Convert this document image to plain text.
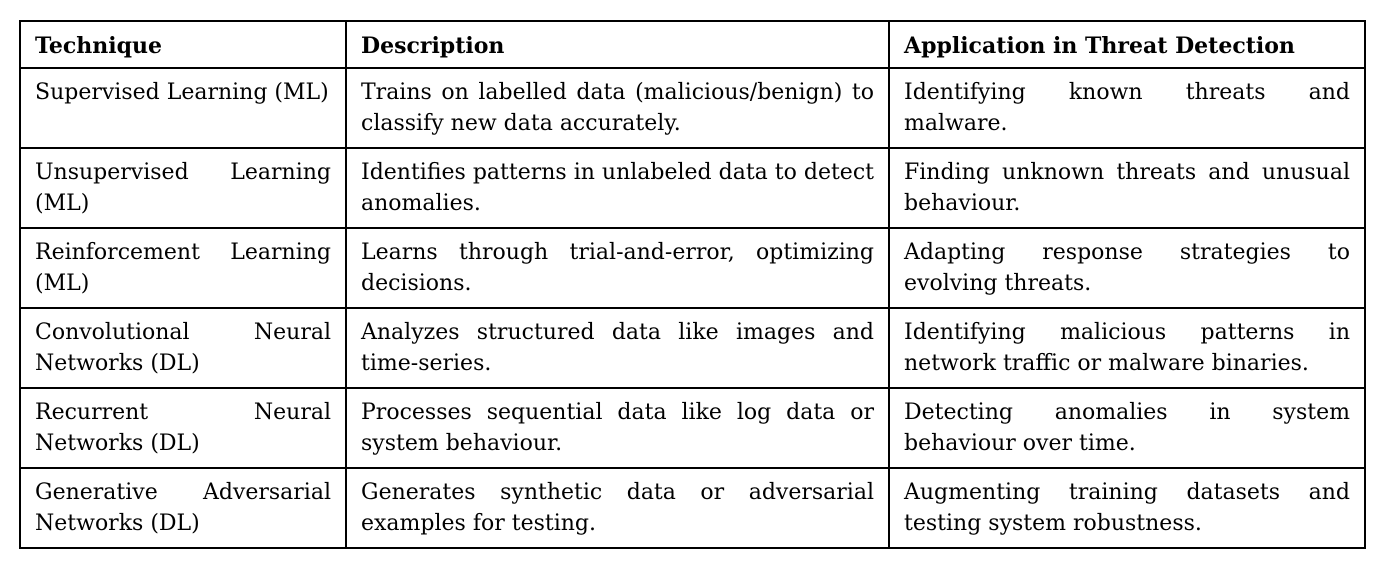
Technique	Description	Application in Threat Detection
Supervised Learning (ML)	Trains on labelled data (malicious/benign) to classify new data accurately.	Identifying known threats and malware.
Unsupervised Learning (ML)	Identifies patterns in unlabeled data to detect anomalies.	Finding unknown threats and unusual behaviour.
Reinforcement Learning (ML)	Learns through trial-and-error, optimizing decisions.	Adapting response strategies to evolving threats.
Convolutional Neural Networks (DL)	Analyzes structured data like images and time-series.	Identifying malicious patterns in network traffic or malware binaries.
Recurrent Neural Networks (DL)	Processes sequential data like log data or system behaviour.	Detecting anomalies in system behaviour over time.
Generative Adversarial Networks (DL)	Generates synthetic data or adversarial examples for testing.	Augmenting training datasets and testing system robustness.
